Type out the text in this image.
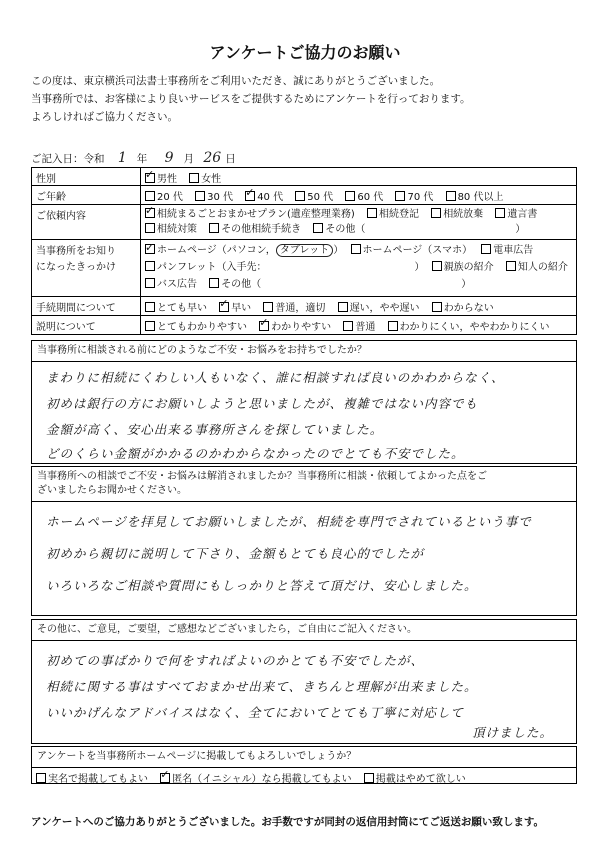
アンケートご協力のお願い
この度は、東京横浜司法書士事務所をご利用いただき、誠にありがとうございました。
当事務所では、お客様により良いサービスをご提供するためにアンケートを行っております。
よろしければご協力ください。
ご記入日：令和 1 年 9 月 26 日
性別 ✓	男性 女性
ご年齢	20 代 30 代 ✓ 40 代 50 代 60 代 70 代 80 代以上
ご依頼内容 ✓	相続まるごとおまかせプラン(遺産整理業務) 相続登記 相続放棄 遺言書
相続対策 その他相続手続き その他（	）
当事務所をお知り
になったきっかけ
✓ホームページ（パソコン， タブレット ） ホームページ（スマホ） 電車広告
パンフレット（入手先：	） 親族の紹介 知人の紹介
バス広告 その他（	）
手続期間について	とても早い ✓ 早い 普通，適切 遅い，やや遅い わからない
説明について	とてもわかりやすい ✓ わかりやすい 普通 わかりにくい，ややわかりにくい
当事務所に相談される前にどのようなご不安・お悩みをお持ちでしたか？
まわりに相続にくわしい人もいなく、誰に相談すれば良いのかわからなく、
初めは銀行の方にお願いしようと思いましたが、複雑ではない内容でも
金額が高く、安心出来る事務所さんを探していました。
どのくらい金額がかかるのかわからなかったのでとても不安でした。
当事務所への相談でご不安・お悩みは解消されましたか？当事務所に相談・依頼してよかった点をご
ざいましたらお聞かせください。
ホームページを拝見してお願いしましたが、相続を専門でされているという事で
初めから親切に説明して下さり、金額もとても良心的でしたが
いろいろなご相談や質問にもしっかりと答えて頂だけ、安心しました。
その他に、ご意見，ご要望，ご感想などございましたら，ご自由にご記入ください。
初めての事ばかりで何をすればよいのかとても不安でしたが、
相続に関する事はすべておまかせ出来て、きちんと理解が出来ました。
いいかげんなアドバイスはなく、全てにおいてとても丁寧に対応して
頂けました。
アンケートを当事務所ホームページに掲載してもよろしいでしょうか？
実名で掲載してもよい ✓ 匿名（イニシャル）なら掲載してもよい 掲載はやめて欲しい
アンケートへのご協力ありがとうございました。お手数ですが同封の返信用封筒にてご返送お願い致します。
